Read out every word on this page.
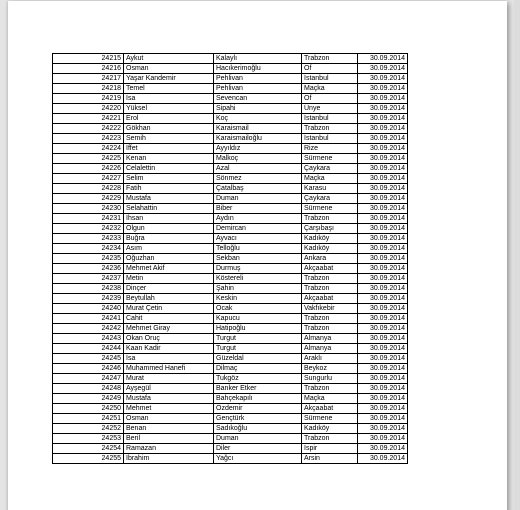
24215	Aykut	Kalaylı	Trabzon	30.09.2014
24216	Osman	Hacıkerimoğlu	Of	30.09.2014
24217	Yaşar Kandemir	Pehlivan	İstanbul	30.09.2014
24218	Temel	Pehlivan	Maçka	30.09.2014
24219	İsa	Sevencan	Of	30.09.2014
24220	Yüksel	Sipahi	Ünye	30.09.2014
24221	Erol	Koç	İstanbul	30.09.2014
24222	Gökhan	Karaismail	Trabzon	30.09.2014
24223	Semih	Karaismailoğlu	İstanbul	30.09.2014
24224	İffet	Ayyıldız	Rize	30.09.2014
24225	Kenan	Malkoç	Sürmene	30.09.2014
24226	Celalettin	Azal	Çaykara	30.09.2014
24227	Selim	Sönmez	Maçka	30.09.2014
24228	Fatih	Çatalbaş	Karasu	30.09.2014
24229	Mustafa	Duman	Çaykara	30.09.2014
24230	Selahattin	Biber	Sürmene	30.09.2014
24231	İhsan	Aydın	Trabzon	30.09.2014
24232	Olgun	Demircan	Çarşıbaşı	30.09.2014
24233	Buğra	Ayvacı	Kadıköy	30.09.2014
24234	Asım	Telloğlu	Kadıköy	30.09.2014
24235	Oğuzhan	Sekban	Ankara	30.09.2014
24236	Mehmet Akif	Durmuş	Akçaabat	30.09.2014
24237	Metin	Köstereli	Trabzon	30.09.2014
24238	Dinçer	Şahin	Trabzon	30.09.2014
24239	Beytullah	Keskin	Akçaabat	30.09.2014
24240	Murat Çetin	Ocak	Vakfıkebir	30.09.2014
24241	Cahit	Kapucu	Trabzon	30.09.2014
24242	Mehmet Giray	Hatipoğlu	Trabzon	30.09.2014
24243	Okan Oruç	Turgut	Almanya	30.09.2014
24244	Kaan Kadir	Turgut	Almanya	30.09.2014
24245	İsa	Güzeldal	Araklı	30.09.2014
24246	Muhammed Hanefi	Dilmaç	Beykoz	30.09.2014
24247	Murat	Tukgöz	Sungurlu	30.09.2014
24248	Ayşegül	Banker Etker	Trabzon	30.09.2014
24249	Mustafa	Bahçekapılı	Maçka	30.09.2014
24250	Mehmet	Özdemir	Akçaabat	30.09.2014
24251	Osman	Gençtürk	Sürmene	30.09.2014
24252	Benan	Sadıkoğlu	Kadıköy	30.09.2014
24253	Beril	Duman	Trabzon	30.09.2014
24254	Ramazan	Diler	İspir	30.09.2014
24255	İbrahim	Yağcı	Arsin	30.09.2014
